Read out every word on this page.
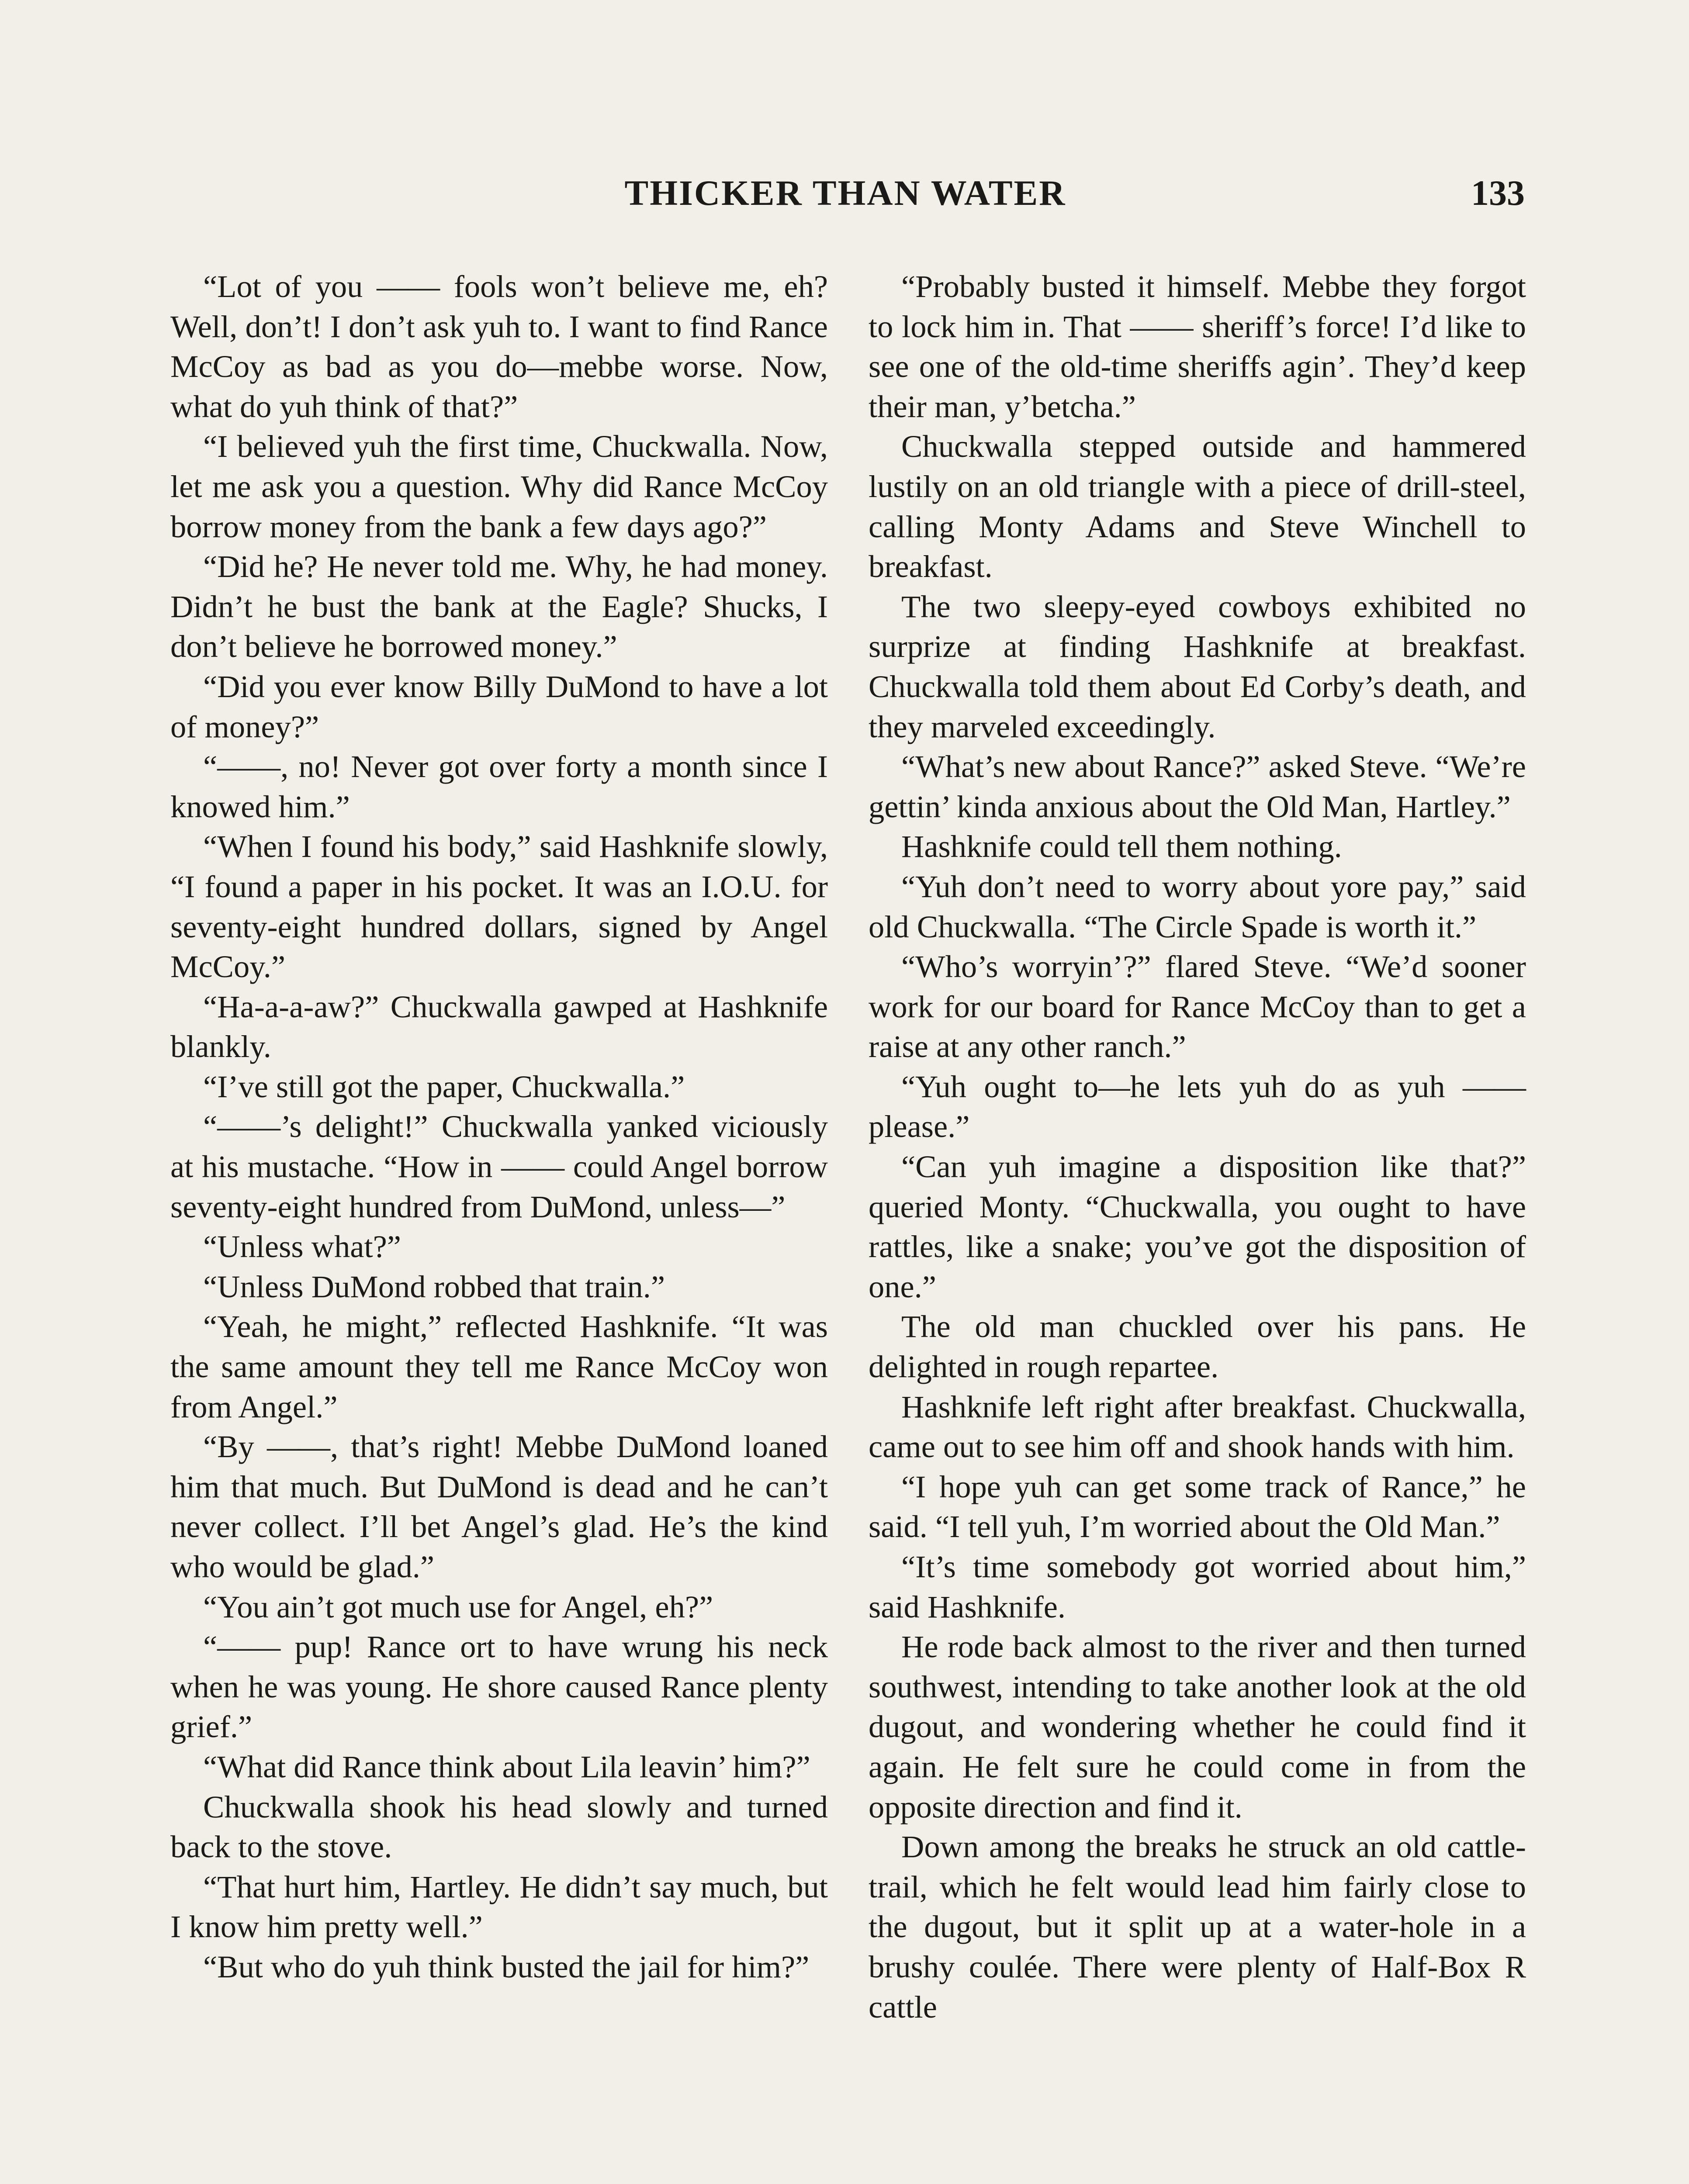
THICKER THAN WATER	133

“Lot of you —— fools won’t believe me, eh? Well, don’t! I don’t ask yuh to. I want to find Rance McCoy as bad as you do—mebbe worse. Now, what do yuh think of that?”

“I believed yuh the first time, Chuckwalla. Now, let me ask you a question. Why did Rance McCoy borrow money from the bank a few days ago?”

“Did he? He never told me. Why, he had money. Didn’t he bust the bank at the Eagle? Shucks, I don’t believe he borrowed money.”

“Did you ever know Billy DuMond to have a lot of money?”

“——, no! Never got over forty a month since I knowed him.”

“When I found his body,” said Hashknife slowly, “I found a paper in his pocket. It was an I.O.U. for seventy-eight hundred dollars, signed by Angel McCoy.”

“Ha-a-a-aw?” Chuckwalla gawped at Hashknife blankly.

“I’ve still got the paper, Chuckwalla.”

“——’s delight!” Chuckwalla yanked viciously at his mustache. “How in —— could Angel borrow seventy-eight hundred from DuMond, unless—”

“Unless what?”

“Unless DuMond robbed that train.”

“Yeah, he might,” reflected Hashknife. “It was the same amount they tell me Rance McCoy won from Angel.”

“By ——, that’s right! Mebbe DuMond loaned him that much. But DuMond is dead and he can’t never collect. I’ll bet Angel’s glad. He’s the kind who would be glad.”

“You ain’t got much use for Angel, eh?”

“—— pup! Rance ort to have wrung his neck when he was young. He shore caused Rance plenty grief.”

“What did Rance think about Lila leavin’ him?”

Chuckwalla shook his head slowly and turned back to the stove.

“That hurt him, Hartley. He didn’t say much, but I know him pretty well.”

“But who do yuh think busted the jail for him?”

“Probably busted it himself. Mebbe they forgot to lock him in. That —— sheriff’s force! I’d like to see one of the old-time sheriffs agin’. They’d keep their man, y’betcha.”

Chuckwalla stepped outside and hammered lustily on an old triangle with a piece of drill-steel, calling Monty Adams and Steve Winchell to breakfast.

The two sleepy-eyed cowboys exhibited no surprize at finding Hashknife at breakfast. Chuckwalla told them about Ed Corby’s death, and they marveled exceedingly.

“What’s new about Rance?” asked Steve. “We’re gettin’ kinda anxious about the Old Man, Hartley.”

Hashknife could tell them nothing.

“Yuh don’t need to worry about yore pay,” said old Chuckwalla. “The Circle Spade is worth it.”

“Who’s worryin’?” flared Steve. “We’d sooner work for our board for Rance McCoy than to get a raise at any other ranch.”

“Yuh ought to—he lets yuh do as yuh —— please.”

“Can yuh imagine a disposition like that?” queried Monty. “Chuckwalla, you ought to have rattles, like a snake; you’ve got the disposition of one.”

The old man chuckled over his pans. He delighted in rough repartee.

Hashknife left right after breakfast. Chuckwalla, came out to see him off and shook hands with him.

“I hope yuh can get some track of Rance,” he said. “I tell yuh, I’m worried about the Old Man.”

“It’s time somebody got worried about him,” said Hashknife.

He rode back almost to the river and then turned southwest, intending to take another look at the old dugout, and wondering whether he could find it again. He felt sure he could come in from the opposite direction and find it.

Down among the breaks he struck an old cattle-trail, which he felt would lead him fairly close to the dugout, but it split up at a water-hole in a brushy coulée. There were plenty of Half-Box R cattle
